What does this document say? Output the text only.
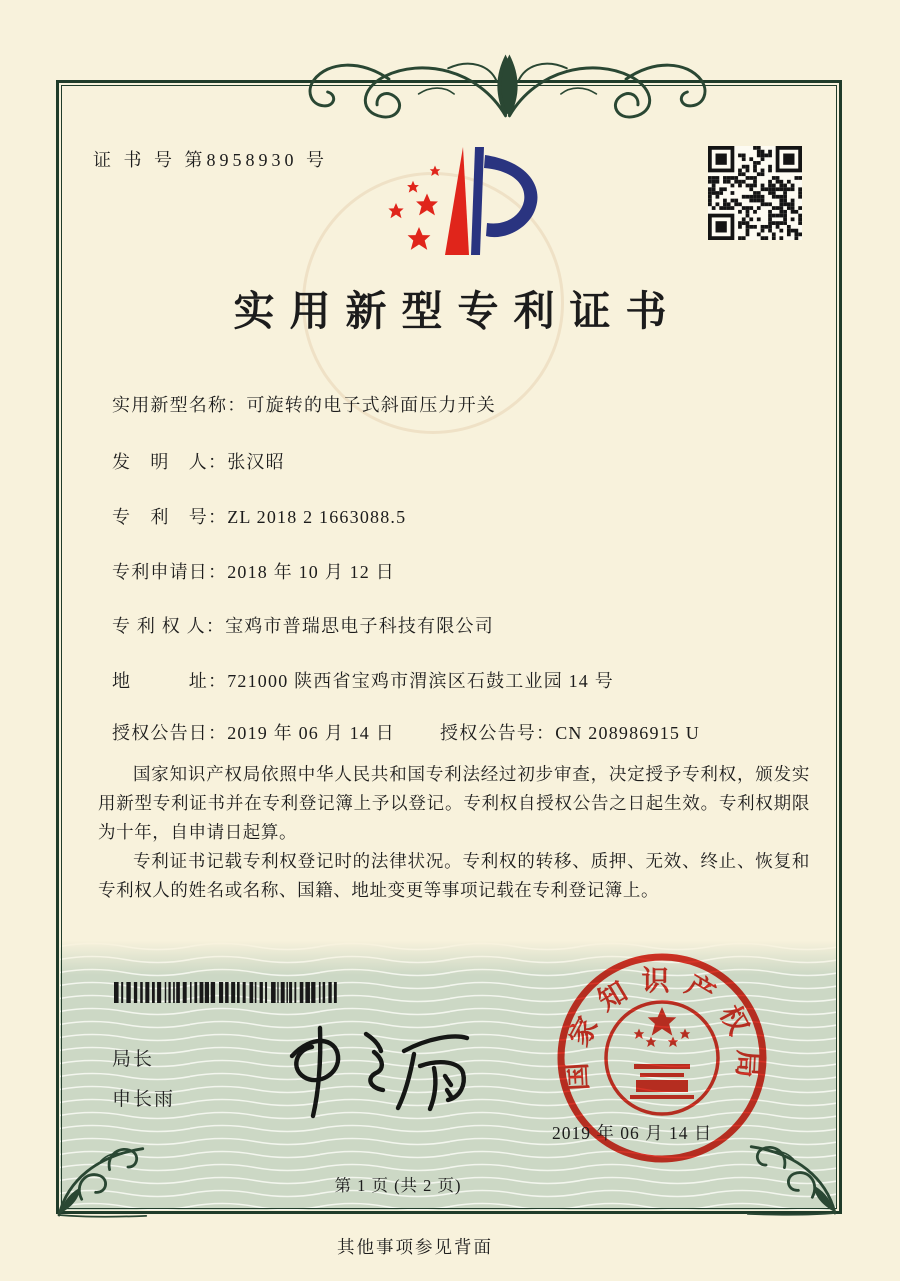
证 书 号 第8958930 号
实用新型专利证书
实用新型名称：可旋转的电子式斜面压力开关
发　明　人：张汉昭
专　利　号：ZL 2018 2 1663088.5
专利申请日：2018 年 10 月 12 日
专 利 权 人：宝鸡市普瑞思电子科技有限公司
地　　　址：721000 陕西省宝鸡市渭滨区石鼓工业园 14 号
授权公告日：2019 年 06 月 14 日	授权公告号：CN 208986915 U

国家知识产权局依照中华人民共和国专利法经过初步审查，决定授予专利权，颁发实用新型专利证书并在专利登记簿上予以登记。专利权自授权公告之日起生效。专利权期限为十年，自申请日起算。

专利证书记载专利权登记时的法律状况。专利权的转移、质押、无效、终止、恢复和专利权人的姓名或名称、国籍、地址变更等事项记载在专利登记簿上。

局长
申长雨
国家知识产权局
2019 年 06 月 14 日
第 1 页 (共 2 页)
其他事项参见背面
